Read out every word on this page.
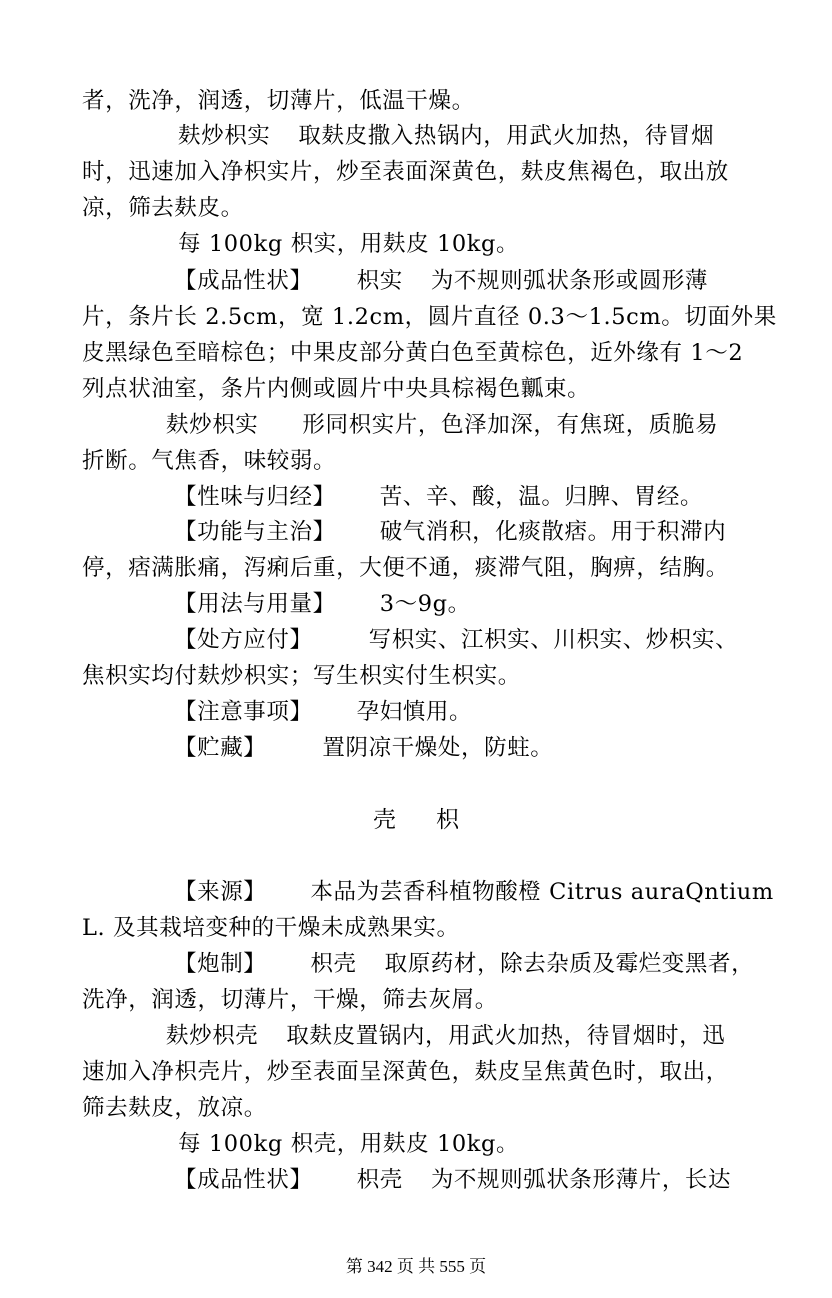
者，洗净，润透，切薄片，低温干燥。
麸炒枳实 取麸皮撒入热锅内，用武火加热，待冒烟
时，迅速加入净枳实片，炒至表面深黄色，麸皮焦褐色，取出放
凉，筛去麸皮。
每 100kg 枳实，用麸皮 10kg。
【成品性状】 枳实 为不规则弧状条形或圆形薄
片，条片长 2.5cm，宽 1.2cm，圆片直径 0.3～1.5cm。切面外果
皮黑绿色至暗棕色；中果皮部分黄白色至黄棕色，近外缘有 1～2
列点状油室，条片内侧或圆片中央具棕褐色瓤束。
麸炒枳实 形同枳实片，色泽加深，有焦斑，质脆易
折断。气焦香，味较弱。
【性味与归经】 苦、辛、酸，温。归脾、胃经。
【功能与主治】 破气消积，化痰散痞。用于积滞内
停，痞满胀痛，泻痢后重，大便不通，痰滞气阻，胸痹，结胸。
【用法与用量】 3～9g。
【处方应付】 写枳实、江枳实、川枳实、炒枳实、
焦枳实均付麸炒枳实；写生枳实付生枳实。
【注意事项】 孕妇慎用。
【贮藏】 置阴凉干燥处，防蛀。
壳 枳
【来源】 本品为芸香科植物酸橙 Citrus auraQntium
L. 及其栽培变种的干燥未成熟果实。
【炮制】 枳壳 取原药材，除去杂质及霉烂变黑者，
洗净，润透，切薄片，干燥，筛去灰屑。
麸炒枳壳 取麸皮置锅内，用武火加热，待冒烟时，迅
速加入净枳壳片，炒至表面呈深黄色，麸皮呈焦黄色时，取出，
筛去麸皮，放凉。
每 100kg 枳壳，用麸皮 10kg。
【成品性状】 枳壳 为不规则弧状条形薄片，长达
第 342 页 共 555 页
